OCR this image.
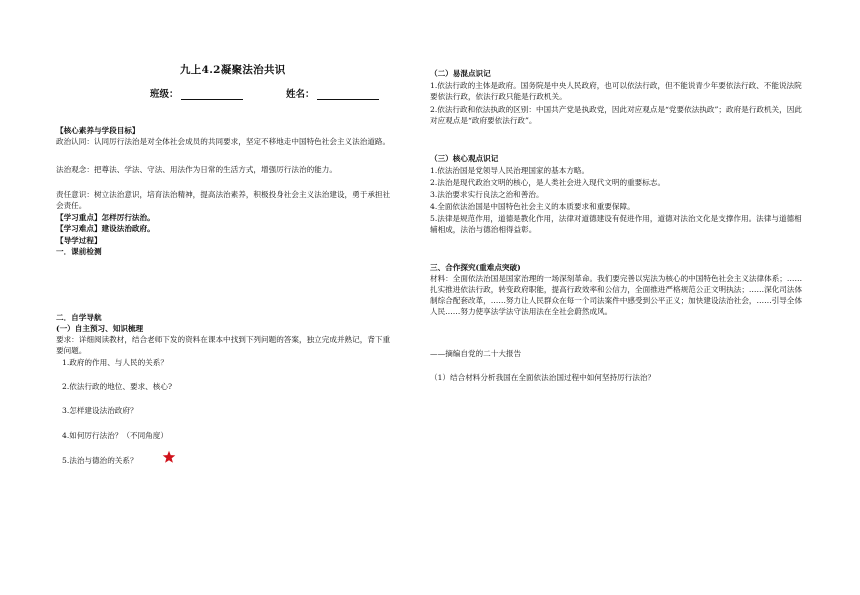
九上4.2凝聚法治共识
班级：	姓名：
【核心素养与学段目标】
政治认同：认同厉行法治是对全体社会成员的共同要求，坚定不移地走中国特色社会主义法治道路。
法治观念：把尊法、学法、守法、用法作为日常的生活方式，增强厉行法治的能力。
责任意识：树立法治意识，培育法治精神，提高法治素养，积极投身社会主义法治建设，勇于承担社会责任。
【学习重点】怎样厉行法治。
【学习难点】建设法治政府。
【导学过程】
一．课前检测
二．自学导航
(一）自主预习、知识梳理
要求：详细阅读教材，结合老师下发的资料在课本中找到下列问题的答案，独立完成并熟记，背下重要问题。
1.政府的作用、与人民的关系？
2.依法行政的地位、要求、核心?
3.怎样建设法治政府？
4.如何厉行法治？（不同角度）
5.法治与德治的关系？
（二）易混点识记
1.依法行政的主体是政府。国务院是中央人民政府，也可以依法行政，但不能说青少年要依法行政、不能说法院要依法行政，依法行政只能是行政机关。
2.依法行政和依法执政的区别：中国共产党是执政党，因此对应观点是“党要依法执政”；政府是行政机关，因此对应观点是“政府要依法行政”。
（三）核心观点识记
1.依法治国是党领导人民治理国家的基本方略。
2.法治是现代政治文明的核心，是人类社会进入现代文明的重要标志。
3.法治要求实行良法之治和善治。
4.全面依法治国是中国特色社会主义的本质要求和重要保障。
5.法律是规范作用，道德是教化作用，法律对道德建设有促进作用，道德对法治文化是支撑作用。法律与道德相辅相成，法治与德治相得益彰。
三、合作探究(重难点突破)
材料：全面依法治国是国家治理的一场深刻革命。我们要完善以宪法为核心的中国特色社会主义法律体系；……扎实推进依法行政，转变政府职能，提高行政效率和公信力，全面推进严格规范公正文明执法；……深化司法体制综合配套改革，……努力让人民群众在每一个司法案件中感受到公平正义；加快建设法治社会，……引导全体人民……努力使享法学法守法用法在全社会蔚然成风。
——摘编自党的二十大报告
（1）结合材料分析我国在全面依法治国过程中如何坚持厉行法治？
